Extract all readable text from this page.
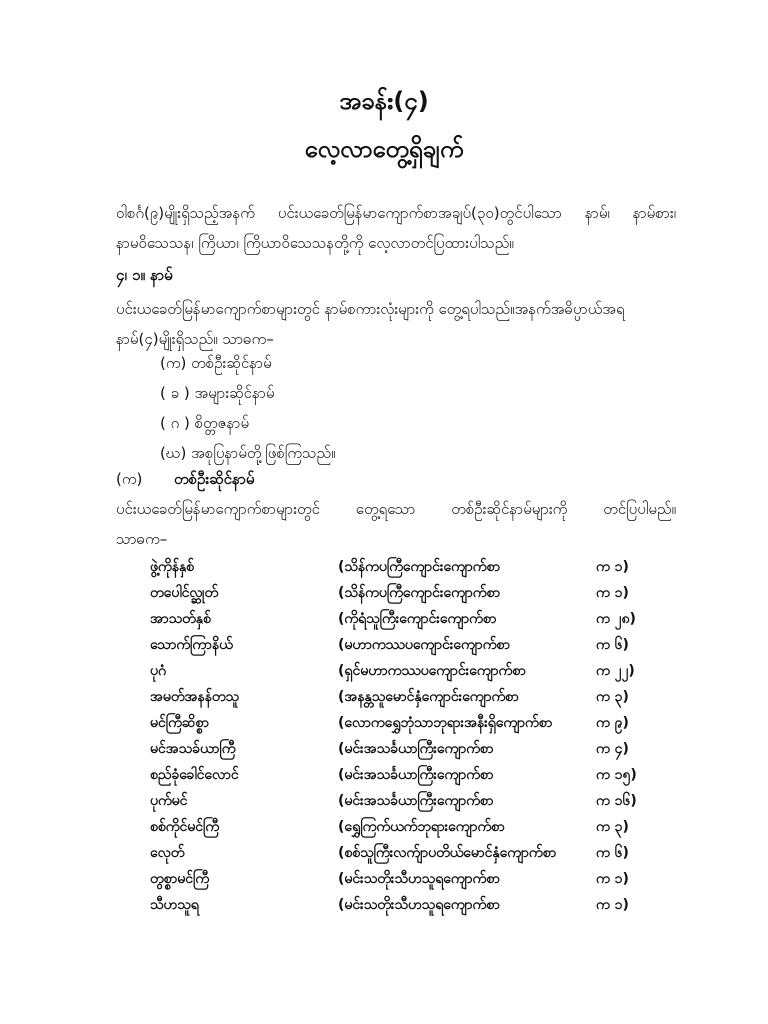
အခန်း(၄)
လေ့လာတွေ့ရှိချက်
ဝါစင်္ဂ(၉)မျိုးရှိသည့်အနက် ပင်းယခေတ်မြန်မာကျောက်စာအချပ်(၃၀)တွင်ပါသော နာမ်၊ နာမ်စား၊ နာမဝိသေသန၊ ကြိယာ၊ ကြိယာဝိသေသနတို့ကို လေ့လာတင်ပြထားပါသည်။
၄၊ ၁။ နာမ်
ပင်းယခေတ်မြန်မာကျောက်စာများတွင် နာမ်စကားလုံးများကို တွေ့ရပါသည်။အနက်အဓိပ္ပာယ်အရ နာမ်(၄)မျိုးရှိသည်။ သာဓက–
(က) တစ်ဦးဆိုင်နာမ်
( ခ ) အများဆိုင်နာမ်
( ဂ ) စိတ္တဇနာမ်
(ဃ) အစုပြနာမ်တို့ဖြစ်ကြသည်။
(က) တစ်ဦးဆိုင်နာမ်
ပင်းယခေတ်မြန်မာကျောက်စာများတွင် တွေ့ရသော တစ်ဦးဆိုင်နာမ်များကို တင်ပြပါမည်။
သာဓက–
ဖွဲ့ကိုန်နှစ်	(သိန်ကပကြီကျောင်းကျောက်စာ	က ၁)
တပေါင်လ္ဆုတ်	(သိန်ကပကြီကျောင်းကျောက်စာ	က ၁)
အာသတ်နှစ်	(ကိုရံသူကြီးကျောင်းကျောက်စာ	က ၂၈)
သောက်ကြာနိယ်	(မဟာကဿပကျောင်းကျောက်စာ	က ၆)
ပုဂံ	(ရှင်မဟာကဿပကျောင်းကျောက်စာ	က ၂၂)
အမတ်အနန်တသူ	(အနန္တသူမောင်နှံကျောင်းကျောက်စာ	က ၃)
မင်ကြီဆိစ္စာ	(လောကရွှေဘုံသာဘုရားအနီးရှိကျောက်စာ	က ၉)
မင်အသခ်ယာကြီ	(မင်းအသင်္ခယာကြီးကျောက်စာ	က ၄)
စည်ခုံခေါင်လောင်	(မင်းအသင်္ခယာကြီးကျောက်စာ	က ၁၅)
ပုက်မင်	(မင်းအသင်္ခယာကြီးကျောက်စာ	က ၁၆)
စစ်ကိုင်မင်ကြီ	(ရွှေကြက်ယက်ဘုရားကျောက်စာ	က ၃)
လေုတ်	(စစ်သူကြီးလက်ျာပတိယ်မောင်နှံကျောက်စာ	က ၆)
တွစ္စာမင်ကြီ	(မင်းသတိုးသီဟသူရကျောက်စာ	က ၁)
သီဟသူရ	(မင်းသတိုးသီဟသူရကျောက်စာ	က ၁)
